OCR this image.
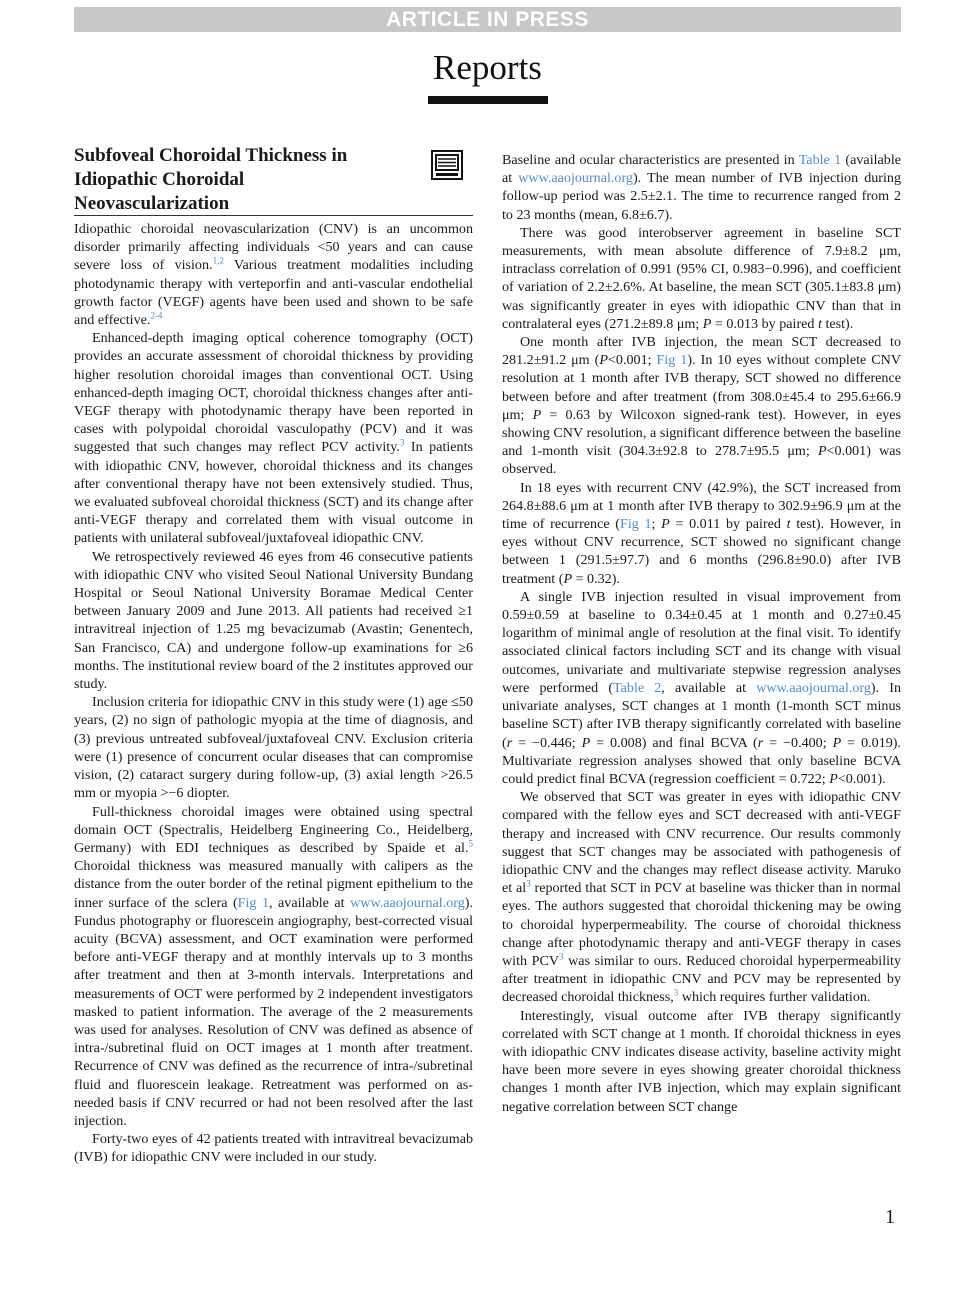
ARTICLE IN PRESS
Reports
Subfoveal Choroidal Thickness in
Idiopathic Choroidal
Neovascularization

Idiopathic choroidal neovascularization (CNV) is an uncommon disorder primarily affecting individuals <50 years and can cause severe loss of vision.$^{1,2}$ Various treatment modalities including photodynamic therapy with verteporfin and anti-vascular endothelial growth factor (VEGF) agents have been used and shown to be safe and effective.$^{2-4}$

Enhanced-depth imaging optical coherence tomography (OCT) provides an accurate assessment of choroidal thickness by providing higher resolution choroidal images than conventional OCT. Using enhanced-depth imaging OCT, choroidal thickness changes after anti-VEGF therapy with photodynamic therapy have been reported in cases with polypoidal choroidal vasculopathy (PCV) and it was suggested that such changes may reflect PCV activity.$^3$ In patients with idiopathic CNV, however, choroidal thickness and its changes after conventional therapy have not been extensively studied. Thus, we evaluated subfoveal choroidal thickness (SCT) and its change after anti-VEGF therapy and correlated them with visual outcome in patients with unilateral subfoveal/juxtafoveal idiopathic CNV.

We retrospectively reviewed 46 eyes from 46 consecutive patients with idiopathic CNV who visited Seoul National University Bundang Hospital or Seoul National University Boramae Medical Center between January 2009 and June 2013. All patients had received ≥1 intravitreal injection of 1.25 mg bevacizumab (Avastin; Genentech, San Francisco, CA) and undergone follow-up examinations for ≥6 months. The institutional review board of the 2 institutes approved our study.

Inclusion criteria for idiopathic CNV in this study were (1) age ≤50 years, (2) no sign of pathologic myopia at the time of diagnosis, and (3) previous untreated subfoveal/juxtafoveal CNV. Exclusion criteria were (1) presence of concurrent ocular diseases that can compromise vision, (2) cataract surgery during follow-up, (3) axial length >26.5 mm or myopia >−6 diopter.

Full-thickness choroidal images were obtained using spectral domain OCT (Spectralis, Heidelberg Engineering Co., Heidelberg, Germany) with EDI techniques as described by Spaide et al.$^5$ Choroidal thickness was measured manually with calipers as the distance from the outer border of the retinal pigment epithelium to the inner surface of the sclera (Fig 1, available at www.aaojournal.org). Fundus photography or fluorescein angiography, best-corrected visual acuity (BCVA) assessment, and OCT examination were performed before anti-VEGF therapy and at monthly intervals up to 3 months after treatment and then at 3-month intervals. Interpretations and measurements of OCT were performed by 2 independent investigators masked to patient information. The average of the 2 measurements was used for analyses. Resolution of CNV was defined as absence of intra-/subretinal fluid on OCT images at 1 month after treatment. Recurrence of CNV was defined as the recurrence of intra-/subretinal fluid and fluorescein leakage. Retreatment was performed on as-needed basis if CNV recurred or had not been resolved after the last injection.

Forty-two eyes of 42 patients treated with intravitreal bevacizumab (IVB) for idiopathic CNV were included in our study.

Baseline and ocular characteristics are presented in Table 1 (available at www.aaojournal.org). The mean number of IVB injection during follow-up period was 2.5±2.1. The time to recurrence ranged from 2 to 23 months (mean, 6.8±6.7).

There was good interobserver agreement in baseline SCT measurements, with mean absolute difference of 7.9±8.2 μm, intraclass correlation of 0.991 (95% CI, 0.983−0.996), and coefficient of variation of 2.2±2.6%. At baseline, the mean SCT (305.1±83.8 μm) was significantly greater in eyes with idiopathic CNV than that in contralateral eyes (271.2±89.8 μm; P = 0.013 by paired t test).

One month after IVB injection, the mean SCT decreased to 281.2±91.2 μm (P<0.001; Fig 1). In 10 eyes without complete CNV resolution at 1 month after IVB therapy, SCT showed no difference between before and after treatment (from 308.0±45.4 to 295.6±66.9 μm; P = 0.63 by Wilcoxon signed-rank test). However, in eyes showing CNV resolution, a significant difference between the baseline and 1-month visit (304.3±92.8 to 278.7±95.5 μm; P<0.001) was observed.

In 18 eyes with recurrent CNV (42.9%), the SCT increased from 264.8±88.6 μm at 1 month after IVB therapy to 302.9±96.9 μm at the time of recurrence (Fig 1; P = 0.011 by paired t test). However, in eyes without CNV recurrence, SCT showed no significant change between 1 (291.5±97.7) and 6 months (296.8±90.0) after IVB treatment (P = 0.32).

A single IVB injection resulted in visual improvement from 0.59±0.59 at baseline to 0.34±0.45 at 1 month and 0.27±0.45 logarithm of minimal angle of resolution at the final visit. To identify associated clinical factors including SCT and its change with visual outcomes, univariate and multivariate stepwise regression analyses were performed (Table 2, available at www.aaojournal.org). In univariate analyses, SCT changes at 1 month (1-month SCT minus baseline SCT) after IVB therapy significantly correlated with baseline (r = −0.446; P = 0.008) and final BCVA (r = −0.400; P = 0.019). Multivariate regression analyses showed that only baseline BCVA could predict final BCVA (regression coefficient = 0.722; P<0.001).

We observed that SCT was greater in eyes with idiopathic CNV compared with the fellow eyes and SCT decreased with anti-VEGF therapy and increased with CNV recurrence. Our results commonly suggest that SCT changes may be associated with pathogenesis of idiopathic CNV and the changes may reflect disease activity. Maruko et $al^3$ reported that SCT in PCV at baseline was thicker than in normal eyes. The authors suggested that choroidal thickening may be owing to choroidal hyperpermeability. The course of choroidal thickness change after photodynamic therapy and anti-VEGF therapy in cases with PCV$^3$ was similar to ours. Reduced choroidal hyperpermeability after treatment in idiopathic CNV and PCV may be represented by decreased choroidal thickness,$^3$ which requires further validation.

Interestingly, visual outcome after IVB therapy significantly correlated with SCT change at 1 month. If choroidal thickness in eyes with idiopathic CNV indicates disease activity, baseline activity might have been more severe in eyes showing greater choroidal thickness changes 1 month after IVB injection, which may explain significant negative correlation between SCT change

1
